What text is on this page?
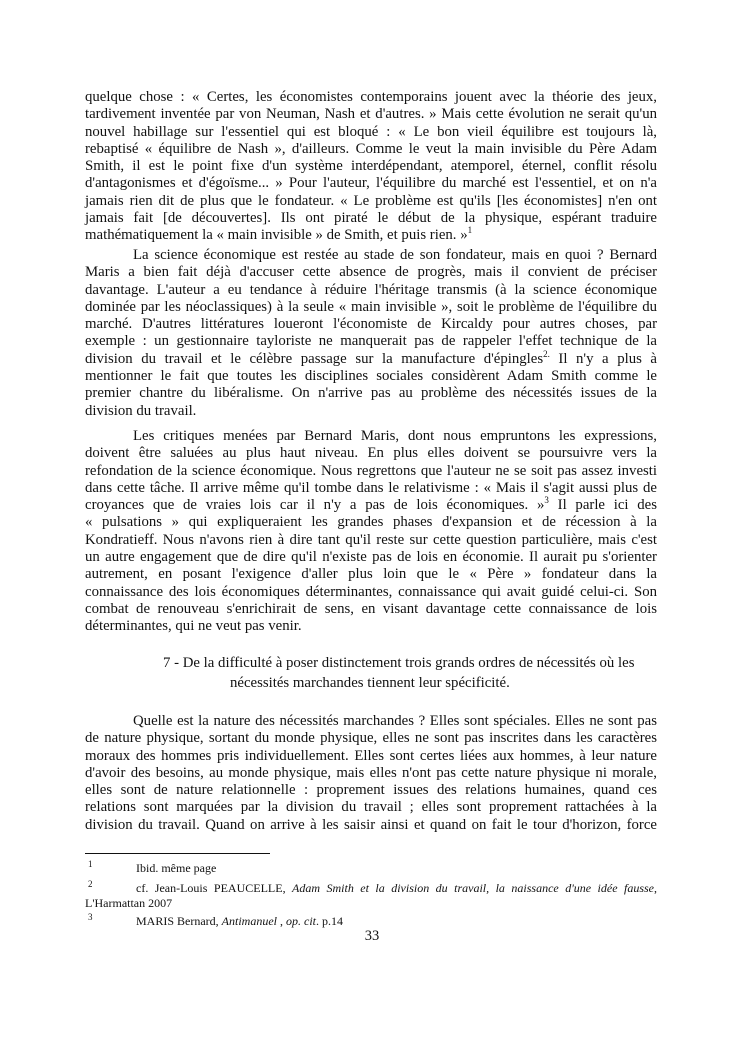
quelque chose : « Certes, les économistes contemporains jouent avec la théorie des jeux,
tardivement inventée par von Neuman, Nash et d'autres. » Mais cette évolution ne serait qu'un
nouvel habillage sur l'essentiel qui est bloqué : « Le bon vieil équilibre est toujours là,
rebaptisé « équilibre de Nash », d'ailleurs. Comme le veut la main invisible du Père Adam
Smith, il est le point fixe d'un système interdépendant, atemporel, éternel, conflit résolu
d'antagonismes et d'égoïsme... » Pour l'auteur, l'équilibre du marché est l'essentiel, et on n'a
jamais rien dit de plus que le fondateur. « Le problème est qu'ils [les économistes] n'en ont
jamais fait [de découvertes]. Ils ont piraté le début de la physique, espérant traduire
mathématiquement la « main invisible » de Smith, et puis rien. »$^1$
La science économique est restée au stade de son fondateur, mais en quoi ? Bernard
Maris a bien fait déjà d'accuser cette absence de progrès, mais il convient de préciser
davantage. L'auteur a eu tendance à réduire l'héritage transmis (à la science économique
dominée par les néoclassiques) à la seule « main invisible », soit le problème de l'équilibre du
marché. D'autres littératures loueront l'économiste de Kircaldy pour autres choses, par
exemple : un gestionnaire tayloriste ne manquerait pas de rappeler l'effet technique de la
division du travail et le célèbre passage sur la manufacture d'épingles$^{2.}$ Il n'y a plus à
mentionner le fait que toutes les disciplines sociales considèrent Adam Smith comme le
premier chantre du libéralisme. On n'arrive pas au problème des nécessités issues de la
division du travail.
Les critiques menées par Bernard Maris, dont nous empruntons les expressions,
doivent être saluées au plus haut niveau. En plus elles doivent se poursuivre vers la
refondation de la science économique. Nous regrettons que l'auteur ne se soit pas assez investi
dans cette tâche. Il arrive même qu'il tombe dans le relativisme : « Mais il s'agit aussi plus de
croyances que de vraies lois car il n'y a pas de lois économiques. »$^3$ Il parle ici des
« pulsations » qui expliqueraient les grandes phases d'expansion et de récession à la
Kondratieff. Nous n'avons rien à dire tant qu'il reste sur cette question particulière, mais c'est
un autre engagement que de dire qu'il n'existe pas de lois en économie. Il aurait pu s'orienter
autrement, en posant l'exigence d'aller plus loin que le « Père » fondateur dans la
connaissance des lois économiques déterminantes, connaissance qui avait guidé celui-ci. Son
combat de renouveau s'enrichirait de sens, en visant davantage cette connaissance de lois
déterminantes, qui ne veut pas venir.
7 - De la difficulté à poser distinctement trois grands ordres de nécessités où les
nécessités marchandes tiennent leur spécificité.
Quelle est la nature des nécessités marchandes ? Elles sont spéciales. Elles ne sont pas
de nature physique, sortant du monde physique, elles ne sont pas inscrites dans les caractères
moraux des hommes pris individuellement. Elles sont certes liées aux hommes, à leur nature
d'avoir des besoins, au monde physique, mais elles n'ont pas cette nature physique ni morale,
elles sont de nature relationnelle : proprement issues des relations humaines, quand ces
relations sont marquées par la division du travail ; elles sont proprement rattachées à la
division du travail. Quand on arrive à les saisir ainsi et quand on fait le tour d'horizon, force
1	Ibid. même page
2	cf. Jean-Louis PEAUCELLE, Adam Smith et la division du travail, la naissance d'une idée fausse,
L'Harmattan 2007
3	MARIS Bernard, Antimanuel , op. cit. p.14
33
